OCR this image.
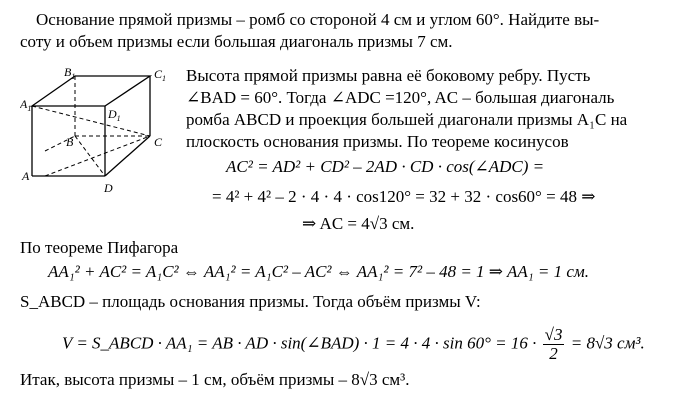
Основание прямой призмы – ромб со стороной 4 см и углом 60°. Найдите вы-
соту и объем призмы если большая диагональ призмы 7 см.
$B_1$	$C_1$
$A_1$	$D_1$
B	C
A
D
Высота прямой призмы равна её боковому ребру. Пусть
∠BAD = 60°. Тогда ∠ADC =120°, AC – большая диагональ
ромба ABCD и проекция большей диагонали призмы A₁C на
плоскость основания призмы. По теореме косинусов
AC² = AD² + CD² – 2AD · CD · cos(∠ADC) =
= 4² + 4² – 2 · 4 · 4 · cos120° = 32 + 32 · cos60° = 48 ⇒
⇒ AC = 4√3 см.
По теореме Пифагора
AA₁² + AC² = A₁C² ⇔ AA₁² = A₁C² – AC² ⇔ AA₁² = 7² – 48 = 1 ⇒ AA₁ = 1 см.
S_ABCD – площадь основания призмы. Тогда объём призмы V:
V = S_ABCD · AA₁ = AB · AD · sin(∠BAD) · $1 = 4 \cdot 4 \cdot \sin 60^\circ = 16 \cdot \frac{√3}{2} = 8√3$ см³.
Итак, высота призмы – 1 см, объём призмы – 8√3 см³.
